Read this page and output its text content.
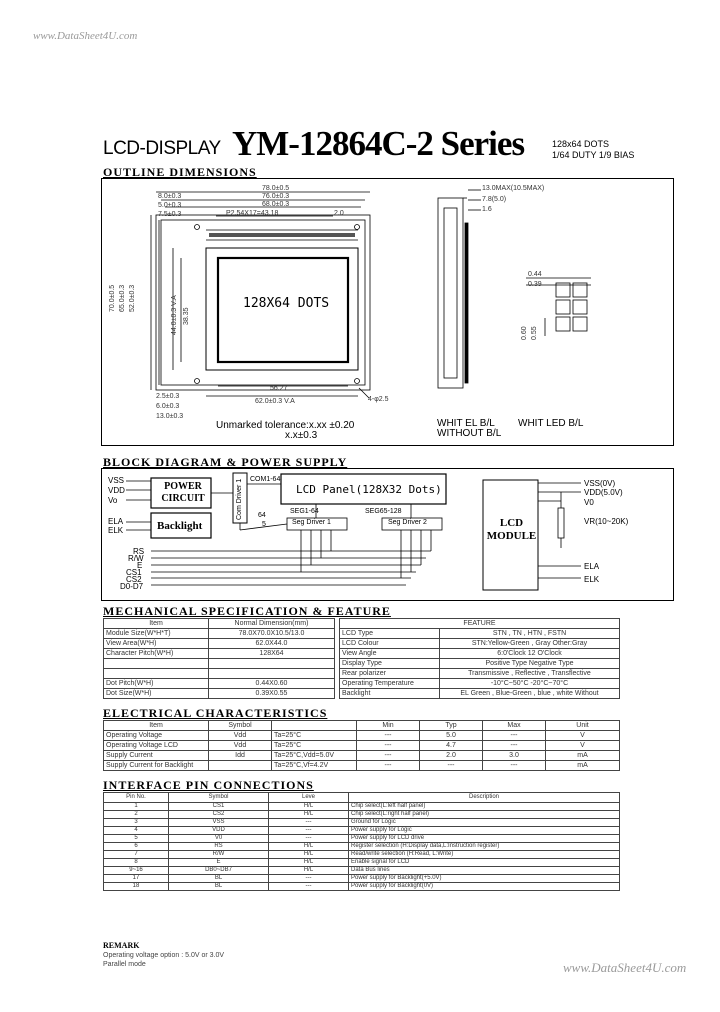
www.DataSheet4U.com
www.DataSheet4U.com
LCD-DISPLAY YM-12864C-2 Series	128x64 DOTS
1/64 DUTY 1/9 BIAS
OUTLINE DIMENSIONS
78.0±0.5
76.0±0.3
68.0±0.3
P2.54X17=43.18	2.0
8.0±0.3
5.0±0.3
7.5±0.3
70.0±0.5 65.0±0.3 52.0±0.3	44.0±0.3 V.A 38.35
128X64 DOTS
2.5±0.3
6.0±0.3
13.0±0.3
56.27
62.0±0.3 V.A	4-φ2.5
Unmarked tolerance:x.xx ±0.20
x.x±0.3
13.0MAX(10.5MAX)
7.8(5.0)
1.6
0.44
0.39
0.60 0.55
WHIT EL B/L WHIT LED B/L
WITHOUT B/L
BLOCK DIAGRAM & POWER SUPPLY
VSS
VDD
Vo
POWER CIRCUIT
ELA
ELK	Backlight
Com Driver 1 COM1-64
LCD Panel(128X32 Dots)
SEG1-64	SEG65-128
Seg Driver 1	Seg Driver 2
64
5
RS
R/W
E
CS1
CS2
D0-D7
LCD MODULE
VSS(0V)
VDD(5.0V)
V0
VR(10~20K)
ELA
ELK
MECHANICAL SPECIFICATION & FEATURE
Item	Normal Dimension(mm)
Module Size(W*H*T)	78.0X70.0X10.5/13.0
View Area(W*H)	62.0X44.0
Character Pitch(W*H)	128X64

Dot Pitch(W*H)	0.44X0.60
Dot Size(W*H)	0.39X0.55
FEATURE	
LCD Type	STN , TN , HTN , FSTN
LCD Colour	STN:Yellow-Green , Gray Other:Gray
View Angle	6:0'Clock 12 O'Clock
Display Type	Positive Type Negative Type
Rear polarizer	Transmissive , Reflective , Transflective
Operating Temperature	-10°C~50°C -20°C~70°C
Backlight	EL Green , Blue-Green , blue , white Without
ELECTRICAL CHARACTERISTICS
Item	Symbol		Min	Typ	Max	Unit
Operating Voltage	Vdd	Ta=25°C	---	5.0	---	V
Operating Voltage LCD	Vdd	Ta=25°C	---	4.7	---	V
Supply Current	Idd	Ta=25°C,Vdd=5.0V	---	2.0	3.0	mA
Supply Current for Backlight		Ta=25°C,Vf=4.2V	---	---	---	mA
INTERFACE PIN CONNECTIONS
Pin No.	Symbol	Leve	Description
1	CS1	H/L	Chip select(L:left half panel)
2	CS2	H/L	Chip select(L:right half panel)
3	VSS	---	Ground for Logic
4	VDD	---	Power supply for Logic
5	V0	---	Power supply for LCD drive
6	RS	H/L	Register selection (H:Display data,L:Instruction register)
7	R/W	H/L	Read/write selection (H:Read, L:Write)
8	E	H/L	Enable signal for LCD
9~16	DB0~DB7	H/L	Data Bus lines
17	BL	---	Power supply for Backlight(+5.0V)
18	BL	---	Power supply for Backlight(0V)
REMARK
Operating voltage option : 5.0V or 3.0V
Parallel mode
